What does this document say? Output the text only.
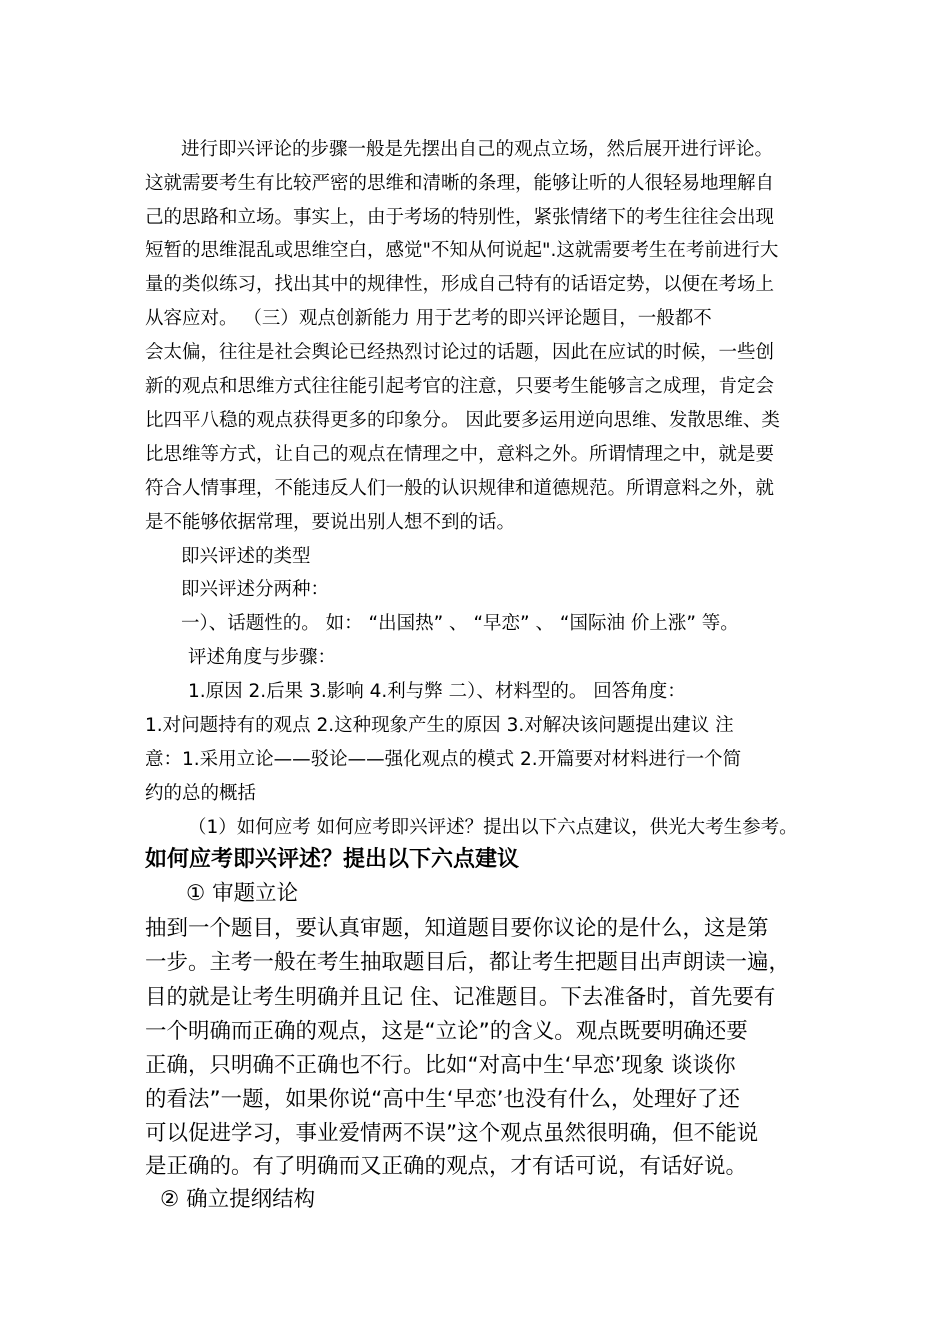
进行即兴评论的步骤一般是先摆出自己的观点立场，然后展开进行评论。
这就需要考生有比较严密的思维和清晰的条理，能够让听的人很轻易地理解自
己的思路和立场。事实上，由于考场的特别性，紧张情绪下的考生往往会出现
短暂的思维混乱或思维空白，感觉"不知从何说起".这就需要考生在考前进行大
量的类似练习，找出其中的规律性，形成自己特有的话语定势，以便在考场上
从容应对。 （三）观点创新能力 用于艺考的即兴评论题目，一般都不
会太偏，往往是社会舆论已经热烈讨论过的话题，因此在应试的时候，一些创
新的观点和思维方式往往能引起考官的注意，只要考生能够言之成理，肯定会
比四平八稳的观点获得更多的印象分。 因此要多运用逆向思维、发散思维、类
比思维等方式，让自己的观点在情理之中，意料之外。所谓情理之中，就是要
符合人情事理，不能违反人们一般的认识规律和道德规范。所谓意料之外，就
是不能够依据常理，要说出别人想不到的话。
即兴评述的类型
即兴评述分两种：
一）、话题性的。 如： “出国热” 、 “早恋” 、 “国际油 价上涨” 等。
评述角度与步骤：
1.原因 2.后果 3.影响 4.利与弊 二）、材料型的。 回答角度：
1.对问题持有的观点 2.这种现象产生的原因 3.对解决该问题提出建议 注
意：1.采用立论——驳论——强化观点的模式 2.开篇要对材料进行一个简
约的总的概括
（1）如何应考 如何应考即兴评述？提出以下六点建议，供光大考生参考。
如何应考即兴评述？提出以下六点建议
① 审题立论
抽到一个题目，要认真审题，知道题目要你议论的是什么，这是第
一步。主考一般在考生抽取题目后，都让考生把题目出声朗读一遍，
目的就是让考生明确并且记 住、记准题目。下去准备时，首先要有
一个明确而正确的观点，这是“立论”的含义。观点既要明确还要
正确，只明确不正确也不行。比如“对高中生‘早恋’现象 谈谈你
的看法”一题，如果你说“高中生‘早恋’也没有什么，处理好了还
可以促进学习，事业爱情两不误”这个观点虽然很明确，但不能说
是正确的。有了明确而又正确的观点，才有话可说，有话好说。
② 确立提纲结构
